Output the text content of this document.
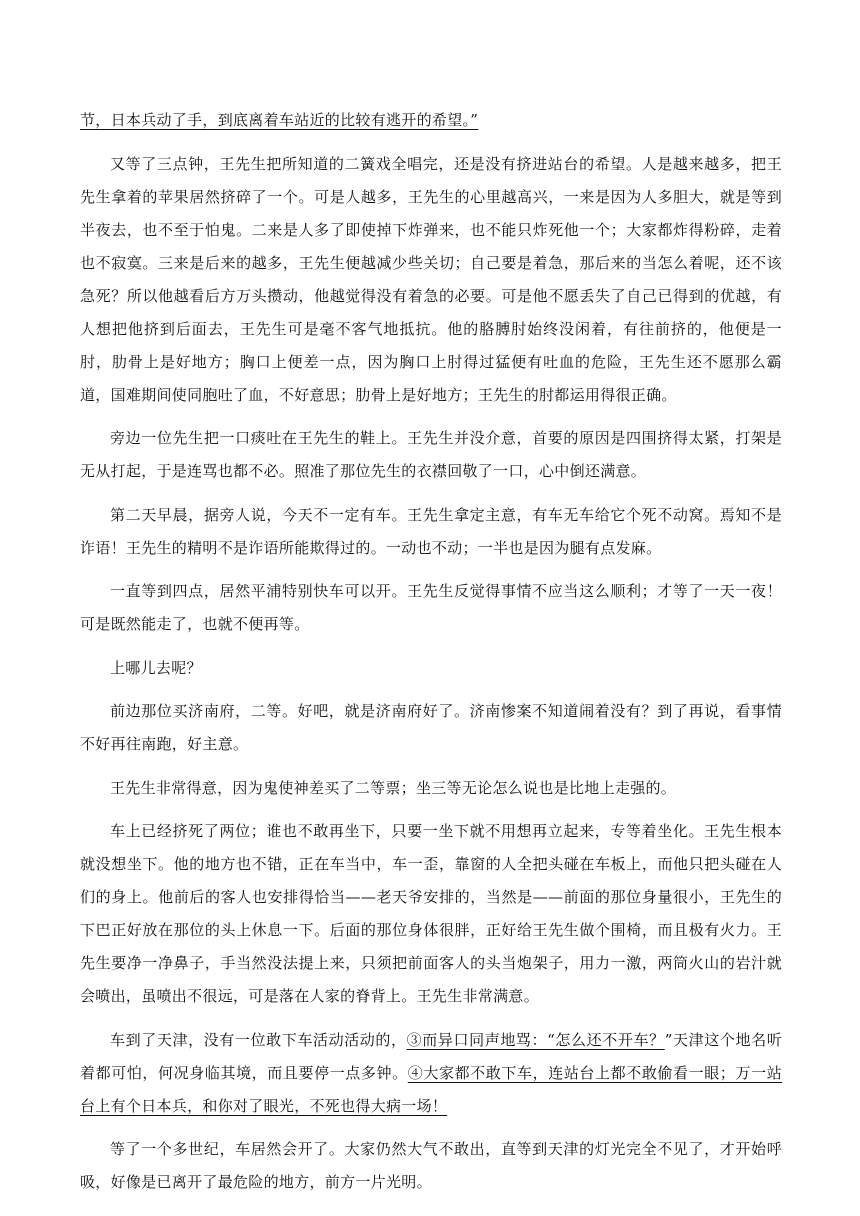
节，日本兵动了手，到底离着车站近的比较有逃开的希望。”

又等了三点钟，王先生把所知道的二簧戏全唱完，还是没有挤进站台的希望。人是越来越多，把王先生拿着的苹果居然挤碎了一个。可是人越多，王先生的心里越高兴，一来是因为人多胆大，就是等到半夜去，也不至于怕鬼。二来是人多了即使掉下炸弹来，也不能只炸死他一个；大家都炸得粉碎，走着也不寂寞。三来是后来的越多，王先生便越减少些关切；自己要是着急，那后来的当怎么着呢，还不该急死？所以他越看后方万头攒动，他越觉得没有着急的必要。可是他不愿丢失了自己已得到的优越，有人想把他挤到后面去，王先生可是毫不客气地抵抗。他的胳膊肘始终没闲着，有往前挤的，他便是一肘，肋骨上是好地方；胸口上便差一点，因为胸口上肘得过猛便有吐血的危险，王先生还不愿那么霸道，国难期间使同胞吐了血，不好意思；肋骨上是好地方；王先生的肘都运用得很正确。

旁边一位先生把一口痰吐在王先生的鞋上。王先生并没介意，首要的原因是四围挤得太紧，打架是无从打起，于是连骂也都不必。照准了那位先生的衣襟回敬了一口，心中倒还满意。

第二天早晨，据旁人说，今天不一定有车。王先生拿定主意，有车无车给它个死不动窝。焉知不是诈语！王先生的精明不是诈语所能欺得过的。一动也不动；一半也是因为腿有点发麻。

一直等到四点，居然平浦特别快车可以开。王先生反觉得事情不应当这么顺利；才等了一天一夜！可是既然能走了，也就不便再等。

上哪儿去呢？

前边那位买济南府，二等。好吧，就是济南府好了。济南惨案不知道闹着没有？到了再说，看事情不好再往南跑，好主意。

王先生非常得意，因为鬼使神差买了二等票；坐三等无论怎么说也是比地上走强的。

车上已经挤死了两位；谁也不敢再坐下，只要一坐下就不用想再立起来，专等着坐化。王先生根本就没想坐下。他的地方也不错，正在车当中，车一歪，靠窗的人全把头碰在车板上，而他只把头碰在人们的身上。他前后的客人也安排得恰当——老天爷安排的，当然是——前面的那位身量很小，王先生的下巴正好放在那位的头上休息一下。后面的那位身体很胖，正好给王先生做个围椅，而且极有火力。王先生要净一净鼻子，手当然没法提上来，只须把前面客人的头当炮架子，用力一激，两筒火山的岩汁就会喷出，虽喷出不很远，可是落在人家的脊背上。王先生非常满意。

车到了天津，没有一位敢下车活动活动的，③而异口同声地骂：“怎么还不开车？”天津这个地名听着都可怕，何况身临其境，而且要停一点多钟。④大家都不敢下车，连站台上都不敢偷看一眼；万一站台上有个日本兵，和你对了眼光，不死也得大病一场！

等了一个多世纪，车居然会开了。大家仍然大气不敢出，直等到天津的灯光完全不见了，才开始呼吸，好像是已离开了最危险的地方，前方一片光明。
